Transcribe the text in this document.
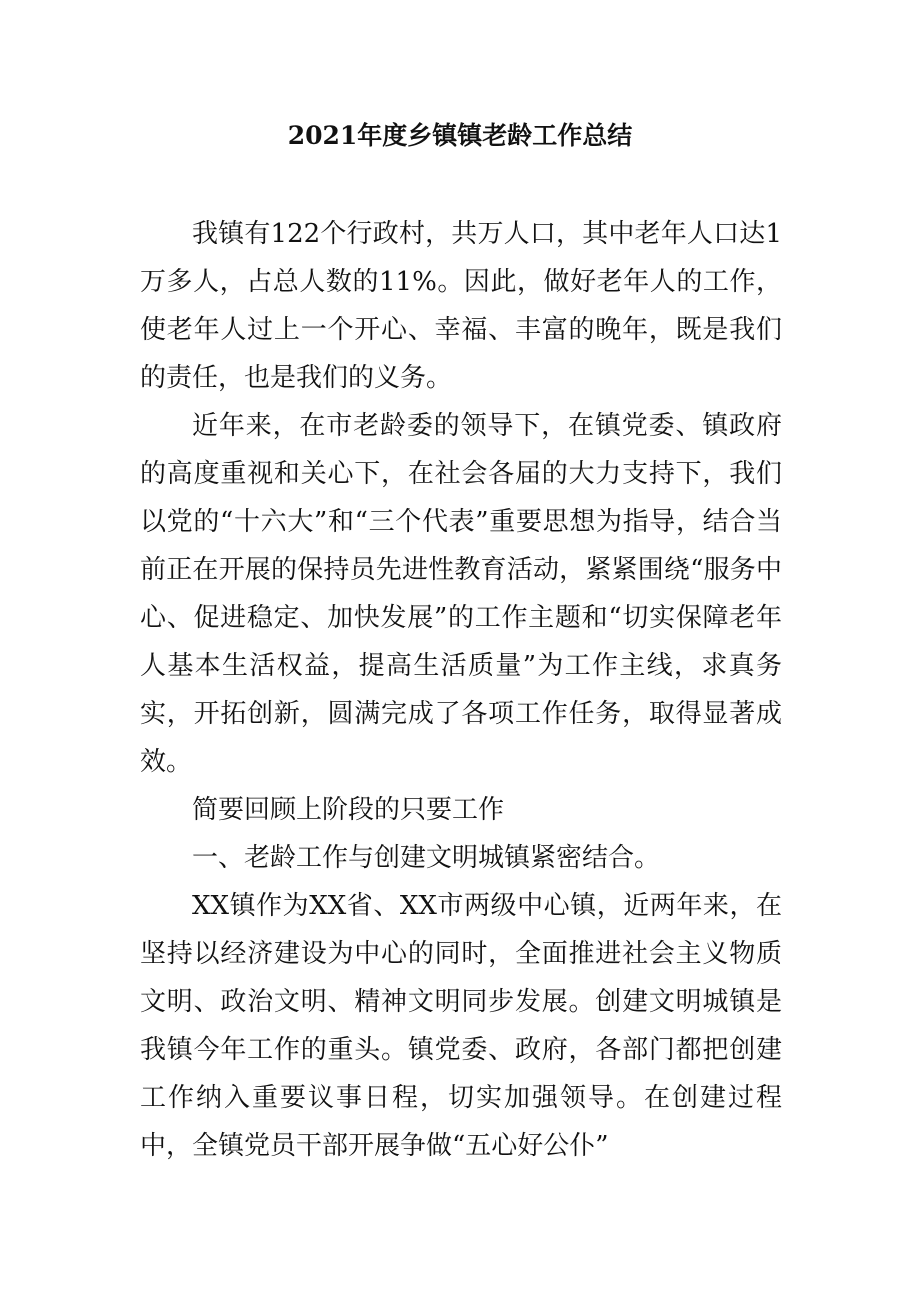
2021年度乡镇镇老龄工作总结

我镇有122个行政村，共万人口，其中老年人口达1万多人，占总人数的11%。因此，做好老年人的工作，使老年人过上一个开心、幸福、丰富的晚年，既是我们的责任，也是我们的义务。

近年来，在市老龄委的领导下，在镇党委、镇政府的高度重视和关心下，在社会各届的大力支持下，我们以党的“十六大”和“三个代表”重要思想为指导，结合当前正在开展的保持员先进性教育活动，紧紧围绕“服务中心、促进稳定、加快发展”的工作主题和“切实保障老年人基本生活权益，提高生活质量”为工作主线，求真务实，开拓创新，圆满完成了各项工作任务，取得显著成效。

简要回顾上阶段的只要工作

一、老龄工作与创建文明城镇紧密结合。

XX镇作为XX省、XX市两级中心镇，近两年来，在坚持以经济建设为中心的同时，全面推进社会主义物质文明、政治文明、精神文明同步发展。创建文明城镇是我镇今年工作的重头。镇党委、政府，各部门都把创建工作纳入重要议事日程，切实加强领导。在创建过程中，全镇党员干部开展争做“五心好公仆”
